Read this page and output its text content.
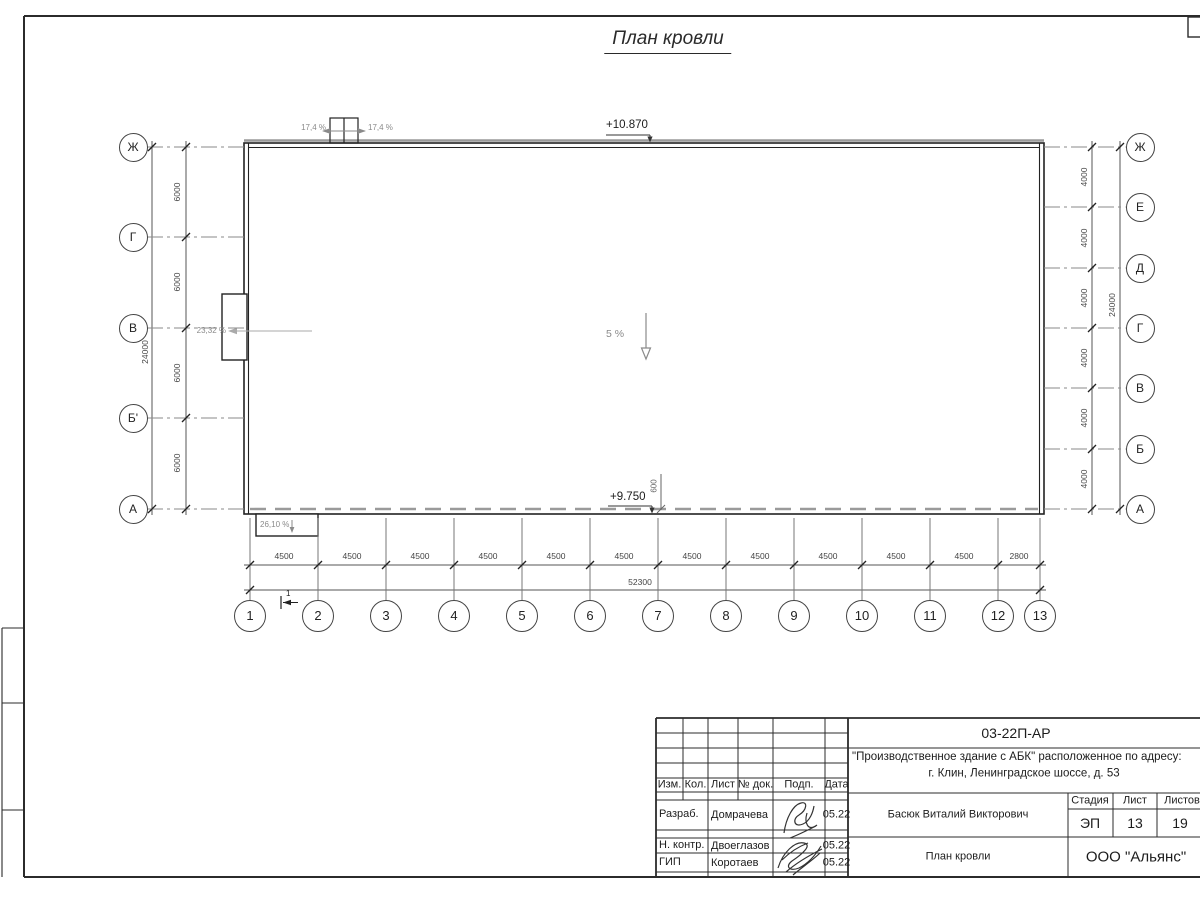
План кровли
+10.870
+9.750
5 %
23,32 %
26,10 %
17,4 %	17,4 %
600
1
03-22П-АР
"Производственное здание с АБК" расположенное по адресу:
г. Клин, Ленинградское шоссе, д. 53
Басюк Виталий Викторович
Стадия Лист Листов
ЭП 13 19
План кровли	ООО "Альянс"
Ж
Г
В
Б'
А
Ж
Е
Д
Г
В
Б
А
1	2	3	4	5	6	7	8	9	10	11	12	13
6000
6000
6000
6000
24000
4000
4000
4000
4000
4000
4000
24000
4500	4500	4500	4500	4500	4500	4500	4500	4500	4500	4500	2800
52300
Изм. Кол. Лист № док. Подп. Дата
Разраб. Домрачева	05.22
Н. контр. Двоеглазов	05.22
ГИП	Коротаев	05.22
